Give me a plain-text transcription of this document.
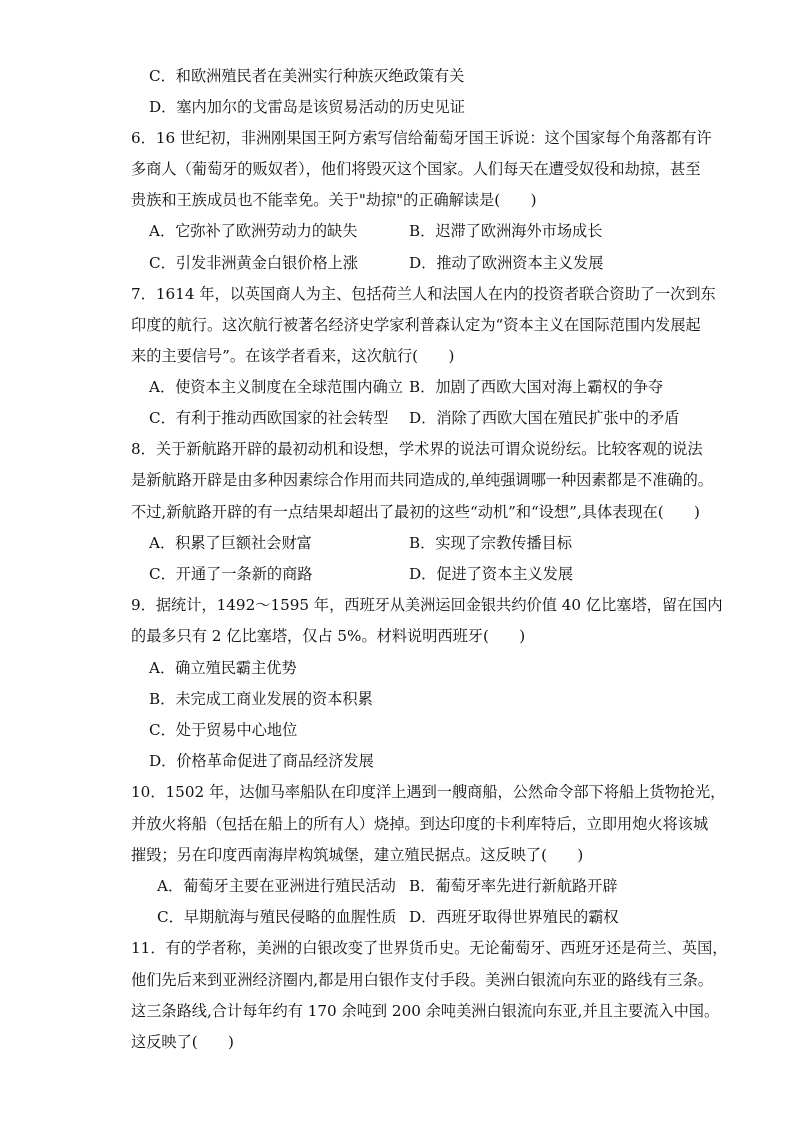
C．和欧洲殖民者在美洲实行种族灭绝政策有关
D．塞内加尔的戈雷岛是该贸易活动的历史见证
6．16 世纪初，非洲刚果国王阿方索写信给葡萄牙国王诉说：这个国家每个角落都有许
多商人（葡萄牙的贩奴者），他们将毁灭这个国家。人们每天在遭受奴役和劫掠，甚至
贵族和王族成员也不能幸免。关于"劫掠"的正确解读是(　　)
A．它弥补了欧洲劳动力的缺失	B．迟滞了欧洲海外市场成长
C．引发非洲黄金白银价格上涨	D．推动了欧洲资本主义发展
7．1614 年，以英国商人为主、包括荷兰人和法国人在内的投资者联合资助了一次到东
印度的航行。这次航行被著名经济史学家利普森认定为“资本主义在国际范围内发展起
来的主要信号”。在该学者看来，这次航行(　　)
A．使资本主义制度在全球范围内确立 B．加剧了西欧大国对海上霸权的争夺
C．有利于推动西欧国家的社会转型 D．消除了西欧大国在殖民扩张中的矛盾
8．关于新航路开辟的最初动机和设想，学术界的说法可谓众说纷纭。比较客观的说法
是新航路开辟是由多种因素综合作用而共同造成的,单纯强调哪一种因素都是不准确的。
不过,新航路开辟的有一点结果却超出了最初的这些“动机”和“设想”,具体表现在(　　)
A．积累了巨额社会财富	B．实现了宗教传播目标
C．开通了一条新的商路	D．促进了资本主义发展
9．据统计，1492～1595 年，西班牙从美洲运回金银共约价值 40 亿比塞塔，留在国内
的最多只有 2 亿比塞塔，仅占 5%。材料说明西班牙(　　)
A．确立殖民霸主优势
B．未完成工商业发展的资本积累
C．处于贸易中心地位
D．价格革命促进了商品经济发展
10．1502 年，达伽马率船队在印度洋上遇到一艘商船，公然命令部下将船上货物抢光，
并放火将船（包括在船上的所有人）烧掉。到达印度的卡利库特后，立即用炮火将该城
摧毁；另在印度西南海岸构筑城堡，建立殖民据点。这反映了(　　)
A．葡萄牙主要在亚洲进行殖民活动 B．葡萄牙率先进行新航路开辟
C．早期航海与殖民侵略的血腥性质 D．西班牙取得世界殖民的霸权
11．有的学者称，美洲的白银改变了世界货币史。无论葡萄牙、西班牙还是荷兰、英国，
他们先后来到亚洲经济圈内,都是用白银作支付手段。美洲白银流向东亚的路线有三条。
这三条路线,合计每年约有 170 余吨到 200 余吨美洲白银流向东亚,并且主要流入中国。
这反映了(　　)
